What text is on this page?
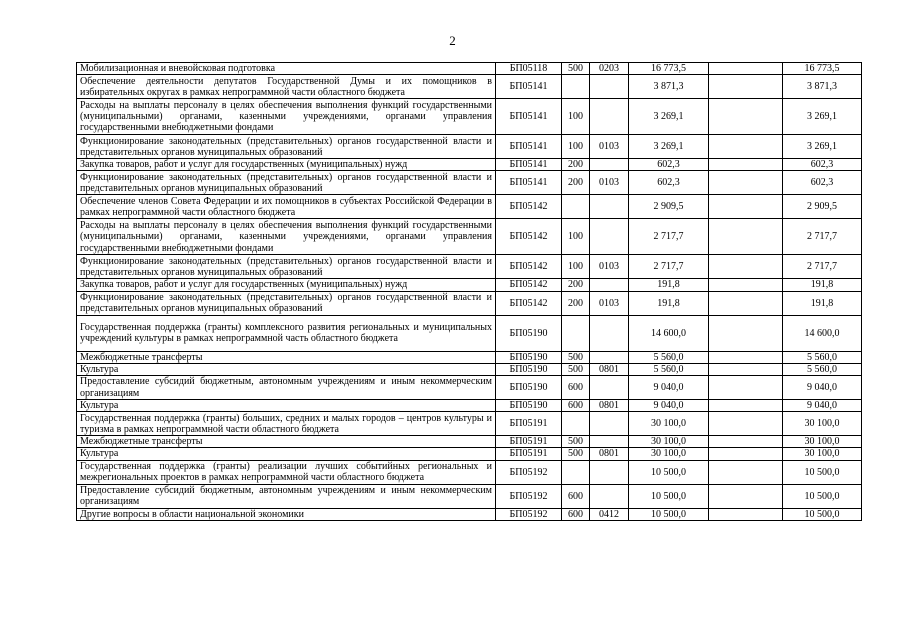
2
Мобилизационная и вневойсковая подготовка	БП05118	500	0203	16 773,5		16 773,5
Обеспечение деятельности депутатов Государственной Думы и их помощников в избирательных округах в рамках непрограммной части областного бюджета	БП05141			3 871,3		3 871,3
Расходы на выплаты персоналу в целях обеспечения выполнения функций государственными (муниципальными) органами, казенными учреждениями, органами управления государственными внебюджетными фондами	БП05141	100		3 269,1		3 269,1
Функционирование законодательных (представительных) органов государственной власти и представительных органов муниципальных образований	БП05141	100	0103	3 269,1		3 269,1
Закупка товаров, работ и услуг для государственных (муниципальных) нужд	БП05141	200		602,3		602,3
Функционирование законодательных (представительных) органов государственной власти и представительных органов муниципальных образований	БП05141	200	0103	602,3		602,3
Обеспечение членов Совета Федерации и их помощников в субъектах Российской Федерации в рамках непрограммной части областного бюджета	БП05142			2 909,5		2 909,5
Расходы на выплаты персоналу в целях обеспечения выполнения функций государственными (муниципальными) органами, казенными учреждениями, органами управления государственными внебюджетными фондами	БП05142	100		2 717,7		2 717,7
Функционирование законодательных (представительных) органов государственной власти и представительных органов муниципальных образований	БП05142	100	0103	2 717,7		2 717,7
Закупка товаров, работ и услуг для государственных (муниципальных) нужд	БП05142	200		191,8		191,8
Функционирование законодательных (представительных) органов государственной власти и представительных органов муниципальных образований	БП05142	200	0103	191,8		191,8
Государственная поддержка (гранты) комплексного развития региональных и муниципальных учреждений культуры в рамках непрограммной часть областного бюджета	БП05190			14 600,0		14 600,0
Межбюджетные трансферты	БП05190	500		5 560,0		5 560,0
Культура	БП05190	500	0801	5 560,0		5 560,0
Предоставление субсидий бюджетным, автономным учреждениям и иным некоммерческим организациям	БП05190	600		9 040,0		9 040,0
Культура	БП05190	600	0801	9 040,0		9 040,0
Государственная поддержка (гранты) больших, средних и малых городов – центров культуры и туризма в рамках непрограммной части областного бюджета	БП05191			30 100,0		30 100,0
Межбюджетные трансферты	БП05191	500		30 100,0		30 100,0
Культура	БП05191	500	0801	30 100,0		30 100,0
Государственная поддержка (гранты) реализации лучших событийных региональных и межрегиональных проектов в рамках непрограммной части областного бюджета	БП05192			10 500,0		10 500,0
Предоставление субсидий бюджетным, автономным учреждениям и иным некоммерческим организациям	БП05192	600		10 500,0		10 500,0
Другие вопросы в области национальной экономики	БП05192	600	0412	10 500,0		10 500,0
